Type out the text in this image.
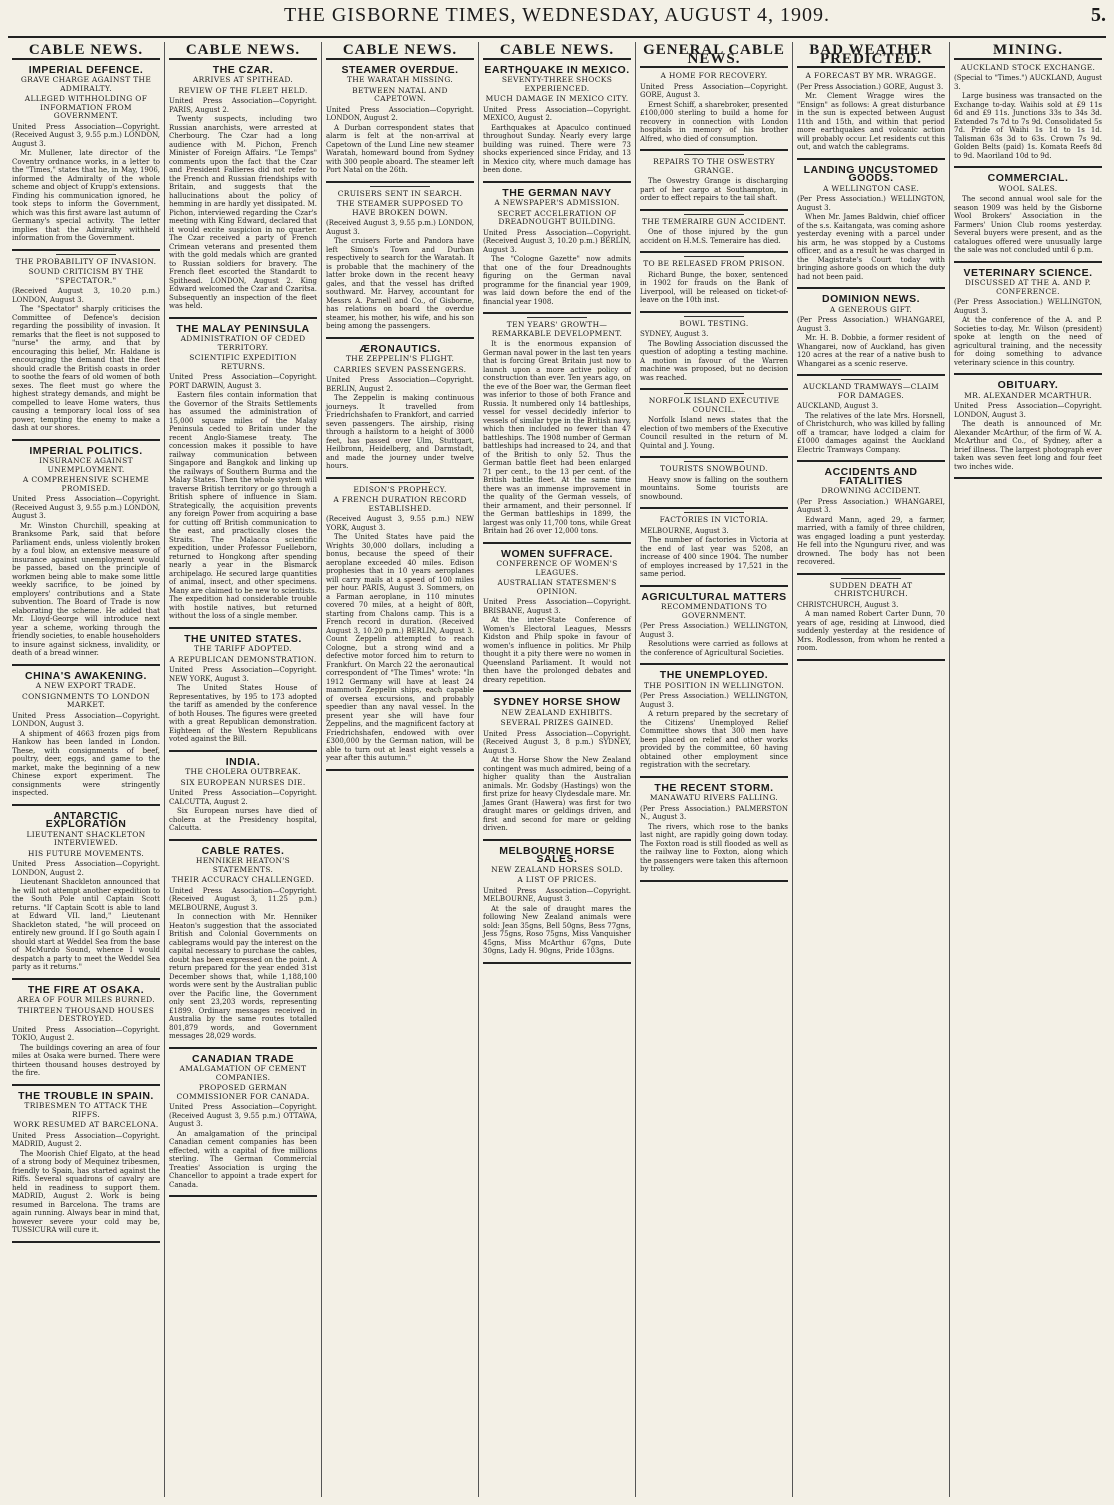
THE GISBORNE TIMES, WEDNESDAY, AUGUST 4, 1909.	5.
CABLE NEWS.
IMPERIAL DEFENCE.
GRAVE CHARGE AGAINST THE ADMIRALTY.
ALLEGED WITHHOLDING OF INFORMATION FROM GOVERNMENT.
United Press Association—Copyright. (Received August 3, 9.55 p.m.) LONDON, August 3.

Mr. Mullener, late director of the Coventry ordnance works, in a letter to the "Times," states that he, in May, 1906, informed the Admiralty of the whole scheme and object of Krupp's extensions. Finding his communication ignored, he took steps to inform the Government, which was this first aware last autumn of Germany's special activity. The letter implies that the Admiralty withheld information from the Government.

THE PROBABILITY OF INVASION.
SOUND CRITICISM BY THE "SPECTATOR."
(Received August 3, 10.20 p.m.) LONDON, August 3.

The "Spectator" sharply criticises the Committee of Defence's decision regarding the possibility of invasion. It remarks that the fleet is not supposed to "nurse" the army, and that by encouraging this belief, Mr. Haldane is encouraging the demand that the fleet should cradle the British coasts in order to soothe the fears of old women of both sexes. The fleet must go where the highest strategy demands, and might be compelled to leave Home waters, thus causing a temporary local loss of sea power, tempting the enemy to make a dash at our shores.

IMPERIAL POLITICS.
INSURANCE AGAINST UNEMPLOYMENT.
A COMPREHENSIVE SCHEME PROMISED.
United Press Association—Copyright. (Received August 3, 9.55 p.m.) LONDON, August 3.

Mr. Winston Churchill, speaking at Branksome Park, said that before Parliament ends, unless violently broken by a foul blow, an extensive measure of insurance against unemployment would be passed, based on the principle of workmen being able to make some little weekly sacrifice, to be joined by employers' contributions and a State subvention. The Board of Trade is now elaborating the scheme. He added that Mr. Lloyd-George will introduce next year a scheme, working through the friendly societies, to enable householders to insure against sickness, invalidity, or death of a bread winner.

CHINA'S AWAKENING.
A NEW EXPORT TRADE.
CONSIGNMENTS TO LONDON MARKET.
United Press Association—Copyright. LONDON, August 3.

A shipment of 4663 frozen pigs from Hankow has been landed in London. These, with consignments of beef, poultry, deer, eggs, and game to the market, make the beginning of a new Chinese export experiment. The consignments were stringently inspected.

ANTARCTIC EXPLORATION
LIEUTENANT SHACKLETON INTERVIEWED.
HIS FUTURE MOVEMENTS.
United Press Association—Copyright. LONDON, August 2.

Lieutenant Shackleton announced that he will not attempt another expedition to the South Pole until Captain Scott returns. "If Captain Scott is able to land at Edward VII. land," Lieutenant Shackleton stated, "he will proceed on entirely new ground. If I go South again I should start at Weddel Sea from the base of McMurdo Sound, whence I would despatch a party to meet the Weddel Sea party as it returns."

THE FIRE AT OSAKA.
AREA OF FOUR MILES BURNED.
THIRTEEN THOUSAND HOUSES DESTROYED.
United Press Association—Copyright. TOKIO, August 2.

The buildings covering an area of four miles at Osaka were burned. There were thirteen thousand houses destroyed by the fire.

THE TROUBLE IN SPAIN.
TRIBESMEN TO ATTACK THE RIFFS.
WORK RESUMED AT BARCELONA.
United Press Association—Copyright. MADRID, August 2.

The Moorish Chief Elgato, at the head of a strong body of Mequinez tribesmen, friendly to Spain, has started against the Riffs. Several squadrons of cavalry are held in readiness to support them. MADRID, August 2. Work is being resumed in Barcelona. The trams are again running. Always bear in mind that, however severe your cold may be, TUSSICURA will cure it.

CABLE NEWS.
THE CZAR.
ARRIVES AT SPITHEAD.
REVIEW OF THE FLEET HELD.
United Press Association—Copyright. PARIS, August 2.

Twenty suspects, including two Russian anarchists, were arrested at Cherbourg. The Czar had a long audience with M. Pichon, French Minister of Foreign Affairs. "Le Temps" comments upon the fact that the Czar and President Fallieres did not refer to the French and Russian friendships with Britain, and suggests that the hallucinations about the policy of hemming in are hardly yet dissipated. M. Pichon, interviewed regarding the Czar's meeting with King Edward, declared that it would excite suspicion in no quarter. The Czar received a party of French Crimean veterans and presented them with the gold medals which are granted to Russian soldiers for bravery. The French fleet escorted the Standardt to Spithead. LONDON, August 2. King Edward welcomed the Czar and Czaritsa. Subsequently an inspection of the fleet was held.

THE MALAY PENINSULA
ADMINISTRATION OF CEDED TERRITORY.
SCIENTIFIC EXPEDITION RETURNS.
United Press Association—Copyright. PORT DARWIN, August 3.

Eastern files contain information that the Governor of the Straits Settlements has assumed the administration of 15,000 square miles of the Malay Peninsula ceded to Britain under the recent Anglo-Siamese treaty. The concession makes it possible to have railway communication between Singapore and Bangkok and linking up the railways of Southern Burma and the Malay States. Then the whole system will traverse British territory or go through a British sphere of influence in Siam. Strategically, the acquisition prevents any foreign Power from acquiring a base for cutting off British communication to the east, and practically closes the Straits. The Malacca scientific expedition, under Professor Fuelleborn, returned to Hongkong after spending nearly a year in the Bismarck archipelago. He secured large quantities of animal, insect, and other specimens. Many are claimed to be new to scientists. The expedition had considerable trouble with hostile natives, but returned without the loss of a single member.

THE UNITED STATES.
THE TARIFF ADOPTED.
A REPUBLICAN DEMONSTRATION.
United Press Association—Copyright. NEW YORK, August 3.

The United States House of Representatives, by 195 to 173 adopted the tariff as amended by the conference of both Houses. The figures were greeted with a great Republican demonstration. Eighteen of the Western Republicans voted against the Bill.

INDIA.
THE CHOLERA OUTBREAK.
SIX EUROPEAN NURSES DIE.
United Press Association—Copyright. CALCUTTA, August 2.

Six European nurses have died of cholera at the Presidency hospital, Calcutta.

CABLE RATES.
HENNIKER HEATON'S STATEMENTS.
THEIR ACCURACY CHALLENGED.
United Press Association—Copyright. (Received August 3, 11.25 p.m.) MELBOURNE, August 3.

In connection with Mr. Henniker Heaton's suggestion that the associated British and Colonial Governments on cablegrams would pay the interest on the capital necessary to purchase the cables, doubt has been expressed on the point. A return prepared for the year ended 31st December shows that, while 1,188,100 words were sent by the Australian public over the Pacific line, the Government only sent 23,203 words, representing £1899. Ordinary messages received in Australia by the same routes totalled 801,879 words, and Government messages 28,029 words.

CANADIAN TRADE
AMALGAMATION OF CEMENT COMPANIES.
PROPOSED GERMAN COMMISSIONER FOR CANADA.
United Press Association—Copyright. (Received August 3, 9.55 p.m.) OTTAWA, August 3.

An amalgamation of the principal Canadian cement companies has been effected, with a capital of five millions sterling. The German Commercial Treaties' Association is urging the Chancellor to appoint a trade expert for Canada.

CABLE NEWS.
STEAMER OVERDUE.
THE WARATAH MISSING.
BETWEEN NATAL AND CAPETOWN.
United Press Association—Copyright. LONDON, August 2.

A Durban correspondent states that alarm is felt at the non-arrival at Capetown of the Lund Line new steamer Waratah, homeward bound from Sydney with 300 people aboard. The steamer left Port Natal on the 26th.

CRUISERS SENT IN SEARCH.
THE STEAMER SUPPOSED TO HAVE BROKEN DOWN.
(Received August 3, 9.55 p.m.) LONDON, August 3.

The cruisers Forte and Pandora have left Simon's Town and Durban respectively to search for the Waratah. It is probable that the machinery of the latter broke down in the recent heavy gales, and that the vessel has drifted southward. Mr. Harvey, accountant for Messrs A. Parnell and Co., of Gisborne, has relations on board the overdue steamer, his mother, his wife, and his son being among the passengers.

ÆRONAUTICS.
THE ZEPPELIN'S FLIGHT.
CARRIES SEVEN PASSENGERS.
United Press Association—Copyright. BERLIN, August 2.

The Zeppelin is making continuous journeys. It travelled from Friedrichshafen to Frankfort, and carried seven passengers. The airship, rising through a hailstorm to a height of 3000 feet, has passed over Ulm, Stuttgart, Heilbronn, Heidelberg, and Darmstadt, and made the journey under twelve hours.

EDISON'S PROPHECY.
A FRENCH DURATION RECORD ESTABLISHED.
(Received August 3, 9.55 p.m.) NEW YORK, August 3.

The United States have paid the Wrights 30,000 dollars, including a bonus, because the speed of their aeroplane exceeded 40 miles. Edison prophesies that in 10 years aeroplanes will carry mails at a speed of 100 miles per hour. PARIS, August 3. Sommers, on a Farman aeroplane, in 110 minutes covered 70 miles, at a height of 80ft, starting from Chalons camp. This is a French record in duration. (Received August 3, 10.20 p.m.) BERLIN, August 3. Count Zeppelin attempted to reach Cologne, but a strong wind and a defective motor forced him to return to Frankfurt. On March 22 the aeronautical correspondent of "The Times" wrote: "In 1912 Germany will have at least 24 mammoth Zeppelin ships, each capable of oversea excursions, and probably speedier than any naval vessel. In the present year she will have four Zeppelins, and the magnificent factory at Friedrichshafen, endowed with over £300,000 by the German nation, will be able to turn out at least eight vessels a year after this autumn."

CABLE NEWS.
EARTHQUAKE IN MEXICO.
SEVENTY-THREE SHOCKS EXPERIENCED.
MUCH DAMAGE IN MEXICO CITY.
United Press Association—Copyright. MEXICO, August 2.

Earthquakes at Apaculco continued throughout Sunday. Nearly every large building was ruined. There were 73 shocks experienced since Friday, and 13 in Mexico city, where much damage has been done.

THE GERMAN NAVY
A NEWSPAPER'S ADMISSION.
SECRET ACCELERATION OF DREADNOUGHT BUILDING.
United Press Association—Copyright. (Received August 3, 10.20 p.m.) BERLIN, August 3.

The "Cologne Gazette" now admits that one of the four Dreadnoughts figuring on the German naval programme for the financial year 1909, was laid down before the end of the financial year 1908.

TEN YEARS' GROWTH—REMARKABLE DEVELOPMENT.

It is the enormous expansion of German naval power in the last ten years that is forcing Great Britain just now to launch upon a more active policy of construction than ever. Ten years ago, on the eve of the Boer war, the German fleet was inferior to those of both France and Russia. It numbered only 14 battleships, vessel for vessel decidedly inferior to vessels of similar type in the British navy, which then included no fewer than 47 battleships. The 1908 number of German battleships had increased to 24, and that of the British to only 52. Thus the German battle fleet had been enlarged 71 per cent., to the 13 per cent. of the British battle fleet. At the same time there was an immense improvement in the quality of the German vessels, of their armament, and their personnel. If the German battleships in 1899, the largest was only 11,700 tons, while Great Britain had 26 over 12,000 tons.

WOMEN SUFFRACE.
CONFERENCE OF WOMEN'S LEAGUES.
AUSTRALIAN STATESMEN'S OPINION.
United Press Association—Copyright. BRISBANE, August 3.

At the inter-State Conference of Women's Electoral Leagues, Messrs Kidston and Philp spoke in favour of women's influence in politics. Mr Philp thought it a pity there were no women in Queensland Parliament. It would not then have the prolonged debates and dreary repetition.

SYDNEY HORSE SHOW
NEW ZEALAND EXHIBITS.
SEVERAL PRIZES GAINED.
United Press Association—Copyright. (Received August 3, 8 p.m.) SYDNEY, August 3.

At the Horse Show the New Zealand contingent was much admired, being of a higher quality than the Australian animals. Mr. Godsby (Hastings) won the first prize for heavy Clydesdale mare. Mr. James Grant (Hawera) was first for two draught mares or geldings driven, and first and second for mare or gelding driven.

MELBOURNE HORSE SALES.
NEW ZEALAND HORSES SOLD.
A LIST OF PRICES.
United Press Association—Copyright. MELBOURNE, August 3.

At the sale of draught mares the following New Zealand animals were sold: Jean 35gns, Bell 50gns, Bess 77gns, Jess 75gns, Roso 75gns, Miss Vanquisher 45gns, Miss McArthur 67gns, Dute 30gns, Lady H. 90gns, Pride 103gns.

GENERAL CABLE NEWS.
A HOME FOR RECOVERY.
United Press Association—Copyright. GORE, August 3.

Ernest Schiff, a sharebroker, presented £100,000 sterling to build a home for recovery in connection with London hospitals in memory of his brother Alfred, who died of consumption.

REPAIRS TO THE OSWESTRY GRANGE.

The Oswestry Grange is discharging part of her cargo at Southampton, in order to effect repairs to the tail shaft.

THE TEMERAIRE GUN ACCIDENT.

One of those injured by the gun accident on H.M.S. Temeraire has died.

TO BE RELEASED FROM PRISON.

Richard Bunge, the boxer, sentenced in 1902 for frauds on the Bank of Liverpool, will be released on ticket-of-leave on the 10th inst.

BOWL TESTING.
SYDNEY, August 3.

The Bowling Association discussed the question of adopting a testing machine. A motion in favour of the Warren machine was proposed, but no decision was reached.

NORFOLK ISLAND EXECUTIVE COUNCIL.

Norfolk Island news states that the election of two members of the Executive Council resulted in the return of M. Quintal and J. Young.

TOURISTS SNOWBOUND.

Heavy snow is falling on the southern mountains. Some tourists are snowbound.

FACTORIES IN VICTORIA.
MELBOURNE, August 3.

The number of factories in Victoria at the end of last year was 5208, an increase of 400 since 1904. The number of employes increased by 17,521 in the same period.

AGRICULTURAL MATTERS
RECOMMENDATIONS TO GOVERNMENT.
(Per Press Association.) WELLINGTON, August 3.

Resolutions were carried as follows at the conference of Agricultural Societies.

THE UNEMPLOYED.
THE POSITION IN WELLINGTON.
(Per Press Association.) WELLINGTON, August 3.

A return prepared by the secretary of the Citizens' Unemployed Relief Committee shows that 300 men have been placed on relief and other works provided by the committee, 60 having obtained other employment since registration with the secretary.

THE RECENT STORM.
MANAWATU RIVERS FALLING.
(Per Press Association.) PALMERSTON N., August 3.

The rivers, which rose to the banks last night, are rapidly going down today. The Foxton road is still flooded as well as the railway line to Foxton, along which the passengers were taken this afternoon by trolley.

BAD WEATHER PREDICTED.
A FORECAST BY MR. WRAGGE.
(Per Press Association.) GORE, August 3.

Mr. Clement Wragge wires the "Ensign" as follows: A great disturbance in the sun is expected between August 11th and 15th, and within that period more earthquakes and volcanic action will probably occur. Let residents cut this out, and watch the cablegrams.

LANDING UNCUSTOMED GOODS.
A WELLINGTON CASE.
(Per Press Association.) WELLINGTON, August 3.

When Mr. James Baldwin, chief officer of the s.s. Kaitangata, was coming ashore yesterday evening with a parcel under his arm, he was stopped by a Customs officer, and as a result he was charged in the Magistrate's Court today with bringing ashore goods on which the duty had not been paid.

DOMINION NEWS.
A GENEROUS GIFT.
(Per Press Association.) WHANGAREI, August 3.

Mr. H. B. Dobbie, a former resident of Whangarei, now of Auckland, has given 120 acres at the rear of a native bush to Whangarei as a scenic reserve.

AUCKLAND TRAMWAYS—CLAIM FOR DAMAGES.
AUCKLAND, August 3.

The relatives of the late Mrs. Horsnell, of Christchurch, who was killed by falling off a tramcar, have lodged a claim for £1000 damages against the Auckland Electric Tramways Company.

ACCIDENTS AND FATALITIES
DROWNING ACCIDENT.
(Per Press Association.) WHANGAREI, August 3.

Edward Mann, aged 29, a farmer, married, with a family of three children, was engaged loading a punt yesterday. He fell into the Ngunguru river, and was drowned. The body has not been recovered.

SUDDEN DEATH AT CHRISTCHURCH.
CHRISTCHURCH, August 3.

A man named Robert Carter Dunn, 70 years of age, residing at Linwood, died suddenly yesterday at the residence of Mrs. Rodlesson, from whom he rented a room.

MINING.
AUCKLAND STOCK EXCHANGE.
(Special to "Times.") AUCKLAND, August 3.

Large business was transacted on the Exchange to-day. Waihis sold at £9 11s 6d and £9 11s. Junctions 33s to 34s 3d. Extended 7s 7d to 7s 9d. Consolidated 5s 7d. Pride of Waihi 1s 1d to 1s 1d. Talisman 63s 3d to 63s. Crown 7s 9d. Golden Belts (paid) 1s. Komata Reefs 8d to 9d. Maoriland 10d to 9d.

COMMERCIAL.
WOOL SALES.

The second annual wool sale for the season 1909 was held by the Gisborne Wool Brokers' Association in the Farmers' Union Club rooms yesterday. Several buyers were present, and as the catalogues offered were unusually large the sale was not concluded until 6 p.m.

VETERINARY SCIENCE.
DISCUSSED AT THE A. AND P. CONFERENCE.
(Per Press Association.) WELLINGTON, August 3.

At the conference of the A. and P. Societies to-day, Mr. Wilson (president) spoke at length on the need of agricultural training, and the necessity for doing something to advance veterinary science in this country.

OBITUARY.
MR. ALEXANDER MCARTHUR.
United Press Association—Copyright. LONDON, August 3.

The death is announced of Mr. Alexander McArthur, of the firm of W. A. McArthur and Co., of Sydney, after a brief illness. The largest photograph ever taken was seven feet long and four feet two inches wide.
